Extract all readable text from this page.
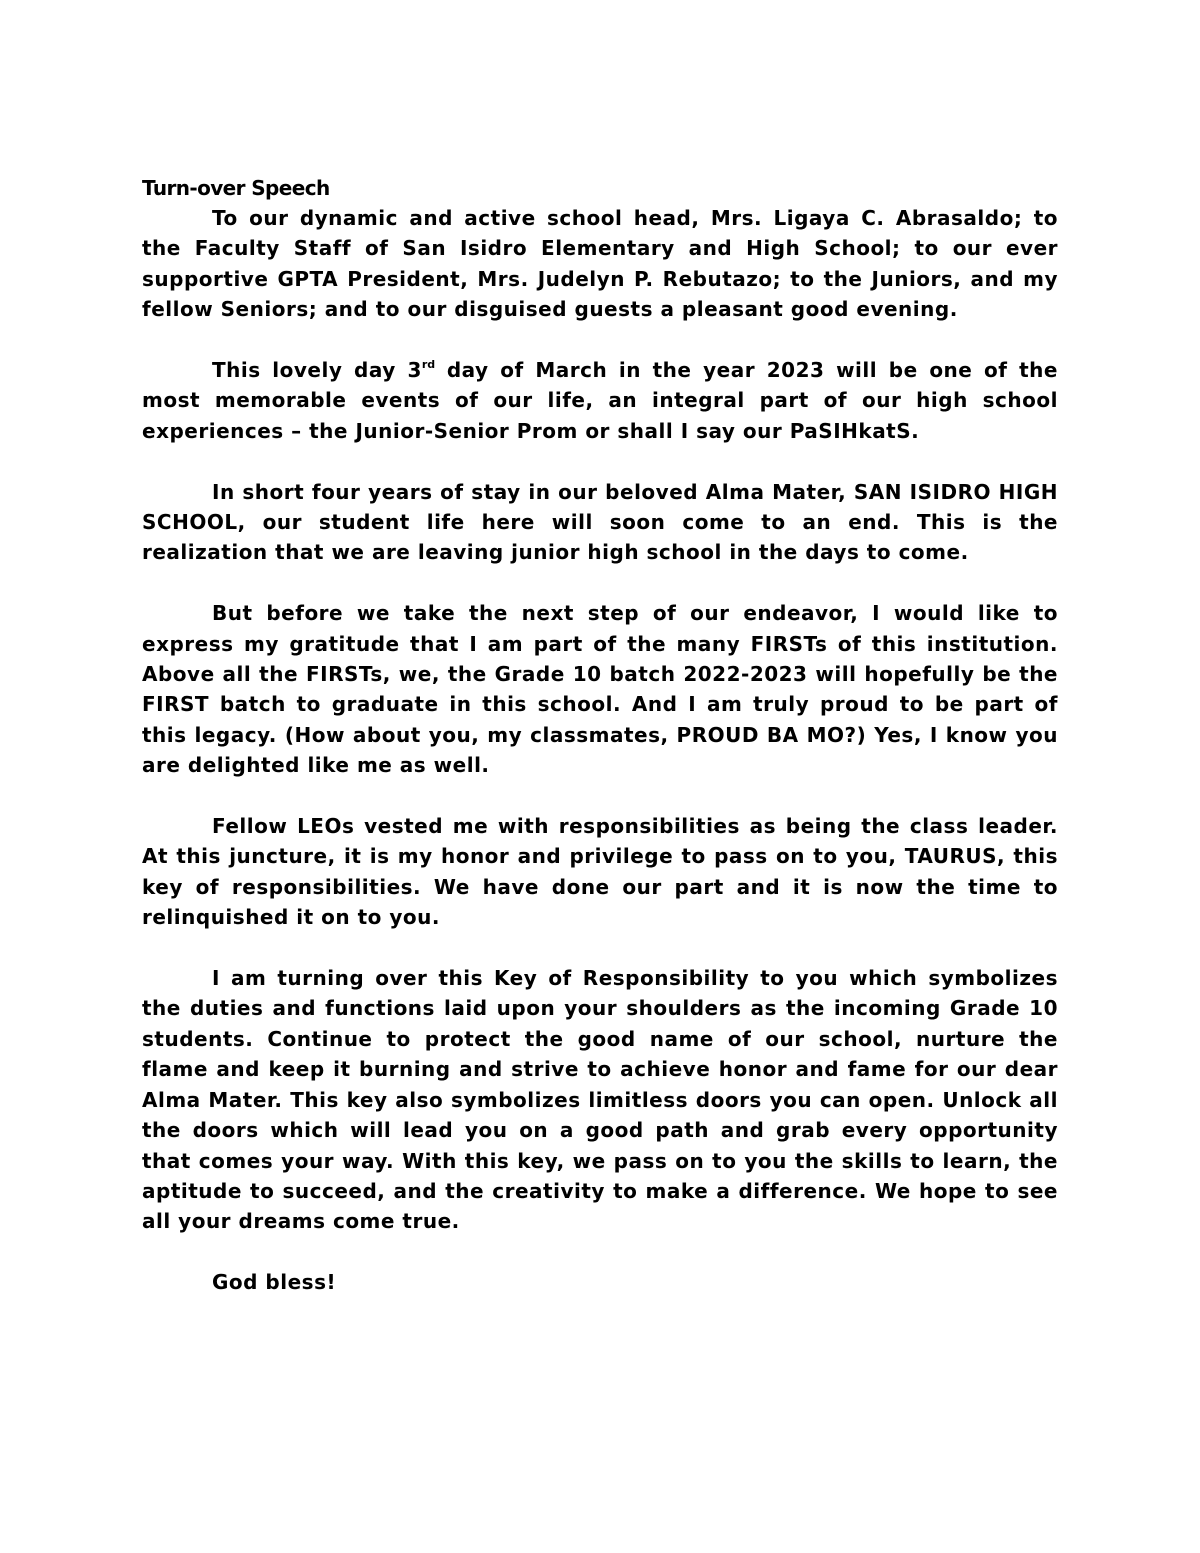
Turn-over Speech

To our dynamic and active school head, Mrs. Ligaya C. Abrasaldo; to the Faculty Staff of San Isidro Elementary and High School; to our ever supportive GPTA President, Mrs. Judelyn P. Rebutazo; to the Juniors, and my fellow Seniors; and to our disguised guests a pleasant good evening.

This lovely day 3rd day of March in the year 2023 will be one of the most memorable events of our life, an integral part of our high school experiences – the Junior-Senior Prom or shall I say our PaSIHkatS.

In short four years of stay in our beloved Alma Mater, SAN ISIDRO HIGH SCHOOL, our student life here will soon come to an end. This is the realization that we are leaving junior high school in the days to come.

But before we take the next step of our endeavor, I would like to express my gratitude that I am part of the many FIRSTs of this institution. Above all the FIRSTs, we, the Grade 10 batch 2022-2023 will hopefully be the FIRST batch to graduate in this school. And I am truly proud to be part of this legacy. (How about you, my classmates, PROUD BA MO?) Yes, I know you are delighted like me as well.

Fellow LEOs vested me with responsibilities as being the class leader. At this juncture, it is my honor and privilege to pass on to you, TAURUS, this key of responsibilities. We have done our part and it is now the time to relinquished it on to you.

I am turning over this Key of Responsibility to you which symbolizes the duties and functions laid upon your shoulders as the incoming Grade 10 students. Continue to protect the good name of our school, nurture the flame and keep it burning and strive to achieve honor and fame for our dear Alma Mater. This key also symbolizes limitless doors you can open. Unlock all the doors which will lead you on a good path and grab every opportunity that comes your way. With this key, we pass on to you the skills to learn, the aptitude to succeed, and the creativity to make a difference. We hope to see all your dreams come true.

God bless!
